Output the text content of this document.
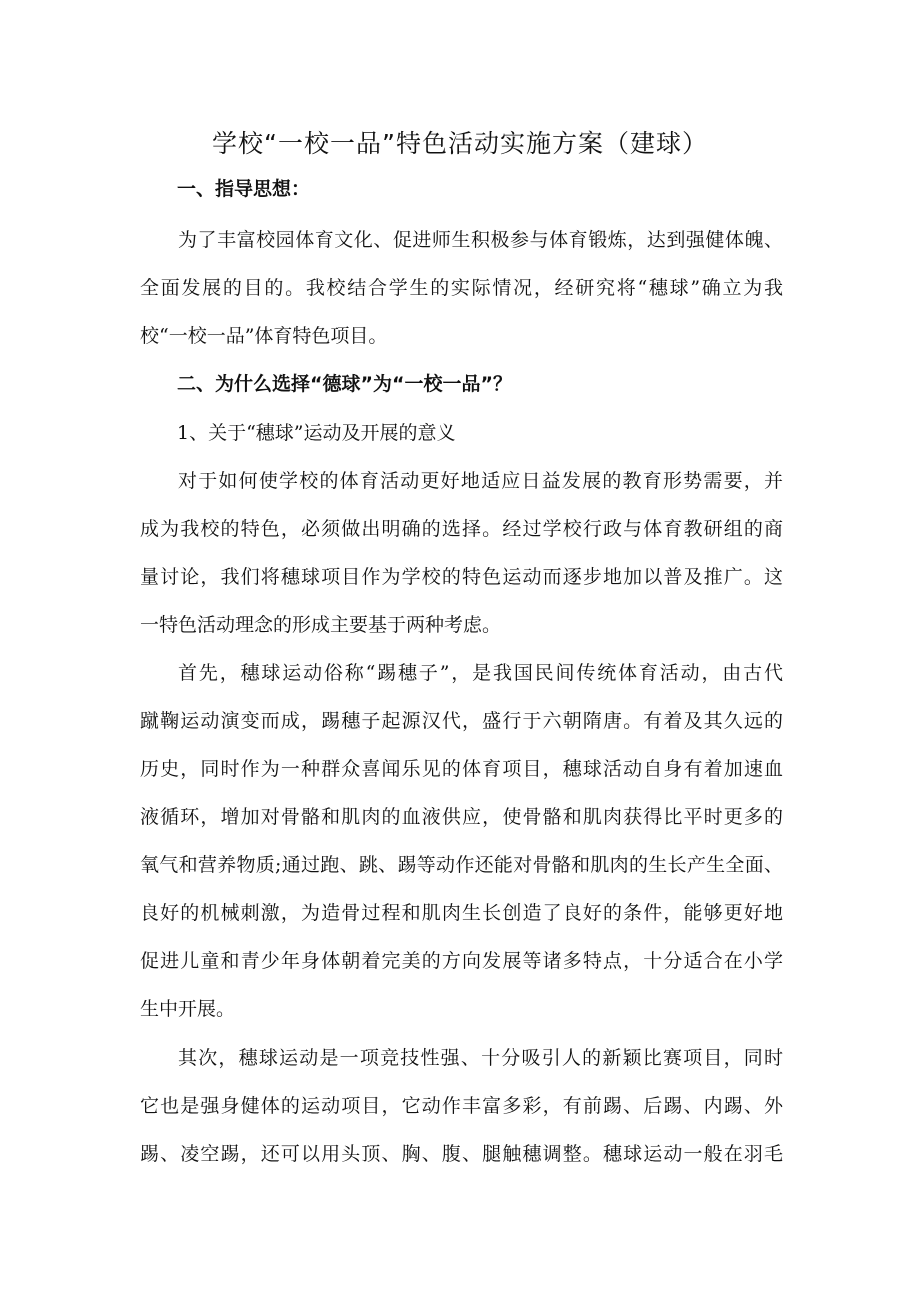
学校“一校一品”特色活动实施方案（建球）

一、指导思想：

为了丰富校园体育文化、促进师生积极参与体育锻炼，达到强健体魄、

全面发展的目的。我校结合学生的实际情况，经研究将“穗球”确立为我

校“一校一品”体育特色项目。

二、为什么选择“德球”为“一校一品”？

1、关于“穗球”运动及开展的意义

对于如何使学校的体育活动更好地适应日益发展的教育形势需要，并

成为我校的特色，必须做出明确的选择。经过学校行政与体育教研组的商

量讨论，我们将穗球项目作为学校的特色运动而逐步地加以普及推广。这

一特色活动理念的形成主要基于两种考虑。

首先，穗球运动俗称“踢穗子”，是我国民间传统体育活动，由古代

蹴鞠运动演变而成，踢穗子起源汉代，盛行于六朝隋唐。有着及其久远的

历史，同时作为一种群众喜闻乐见的体育项目，穗球活动自身有着加速血

液循环，增加对骨骼和肌肉的血液供应，使骨骼和肌肉获得比平时更多的

氧气和营养物质;通过跑、跳、踢等动作还能对骨骼和肌肉的生长产生全面、

良好的机械刺激，为造骨过程和肌肉生长创造了良好的条件，能够更好地

促进儿童和青少年身体朝着完美的方向发展等诸多特点，十分适合在小学

生中开展。

其次，穗球运动是一项竞技性强、十分吸引人的新颖比赛项目，同时

它也是强身健体的运动项目，它动作丰富多彩，有前踢、后踢、内踢、外

踢、凌空踢，还可以用头顶、胸、腹、腿触穗调整。穗球运动一般在羽毛
